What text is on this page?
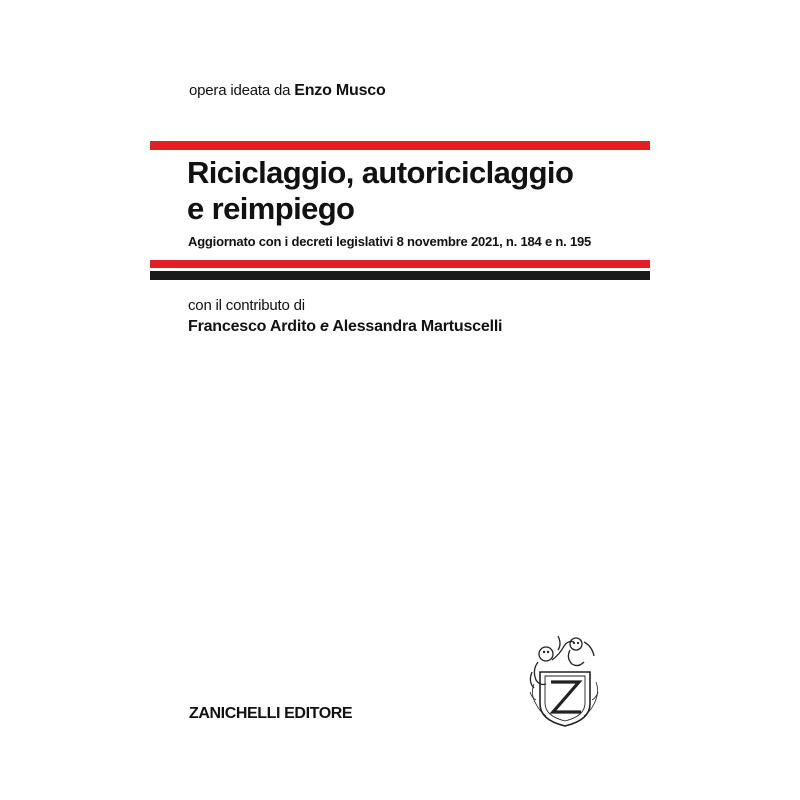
opera ideata da Enzo Musco
Riciclaggio, autoriciclaggio
e reimpiego
Aggiornato con i decreti legislativi 8 novembre 2021, n. 184 e n. 195
con il contributo di
Francesco Ardito e Alessandra Martuscelli
ZANICHELLI EDITORE
